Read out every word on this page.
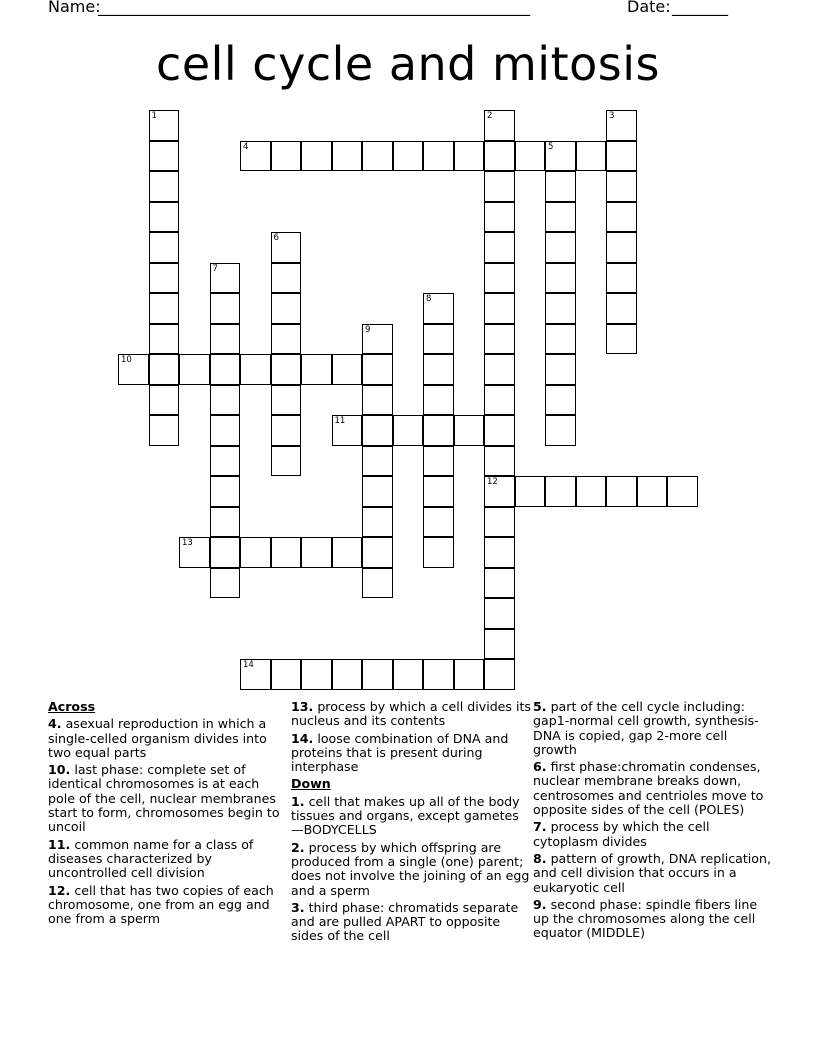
Name:
______________________________________________________	Date:
_______
cell cycle and mitosis
1	2
12
3
4	5
6
7
8
9
10
11
13
14
Across
4. asexual reproduction in which a single-celled organism divides into two equal parts
10. last phase: complete set of identical chromosomes is at each pole of the cell, nuclear membranes start to form, chromosomes begin to uncoil
11. common name for a class of diseases characterized by uncontrolled cell division
12. cell that has two copies of each chromosome, one from an egg and one from a sperm
13. process by which a cell divides its nucleus and its contents
14. loose combination of DNA and proteins that is present during interphase
Down
1. cell that makes up all of the body tissues and organs, except gametes—BODYCELLS
2. process by which offspring are produced from a single (one) parent; does not involve the joining of an egg and a sperm
3. third phase: chromatids separate and are pulled APART to opposite sides of the cell
5. part of the cell cycle including: gap1-normal cell growth, synthesis-DNA is copied, gap 2-more cell growth
6. first phase:chromatin condenses, nuclear membrane breaks down, centrosomes and centrioles move to opposite sides of the cell (POLES)
7. process by which the cell cytoplasm divides
8. pattern of growth, DNA replication, and cell division that occurs in a eukaryotic cell
9. second phase: spindle fibers line up the chromosomes along the cell equator (MIDDLE)
